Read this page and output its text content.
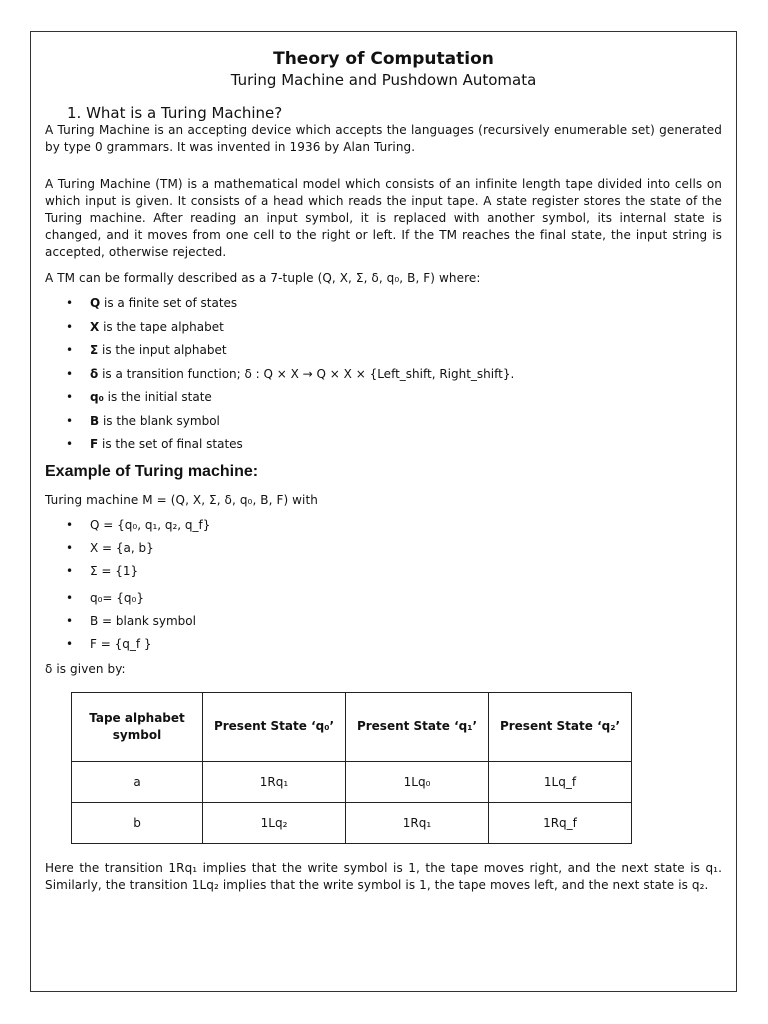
Theory of Computation
Turing Machine and Pushdown Automata
1. What is a Turing Machine?

A Turing Machine is an accepting device which accepts the languages (recursively enumerable set) generated by type 0 grammars. It was invented in 1936 by Alan Turing.

A Turing Machine (TM) is a mathematical model which consists of an infinite length tape divided into cells on which input is given. It consists of a head which reads the input tape. A state register stores the state of the Turing machine. After reading an input symbol, it is replaced with another symbol, its internal state is changed, and it moves from one cell to the right or left. If the TM reaches the final state, the input string is accepted, otherwise rejected.

A TM can be formally described as a 7-tuple (Q, X, Σ, δ, q₀, B, F) where:

• Q is a finite set of states
• X is the tape alphabet
• Σ is the input alphabet
• δ is a transition function; δ : Q × X → Q × X × {Left_shift, Right_shift}.
• q₀ is the initial state
• B is the blank symbol
• F is the set of final states
Example of Turing machine:

Turing machine M = (Q, X, Σ, δ, q₀, B, F) with

• Q = {q₀, q₁, q₂, q_f}
• X = {a, b}
• Σ = {1}
• q₀= {q₀}
• B = blank symbol
• F = {q_f }

δ is given by:

Tape alphabet symbol	Present State ‘q₀’	Present State ‘q₁’	Present State ‘q₂’
a	1Rq₁	1Lq₀	1Lq_f
b	1Lq₂	1Rq₁	1Rq_f

Here the transition 1Rq₁ implies that the write symbol is 1, the tape moves right, and the next state is q₁. Similarly, the transition 1Lq₂ implies that the write symbol is 1, the tape moves left, and the next state is q₂.
